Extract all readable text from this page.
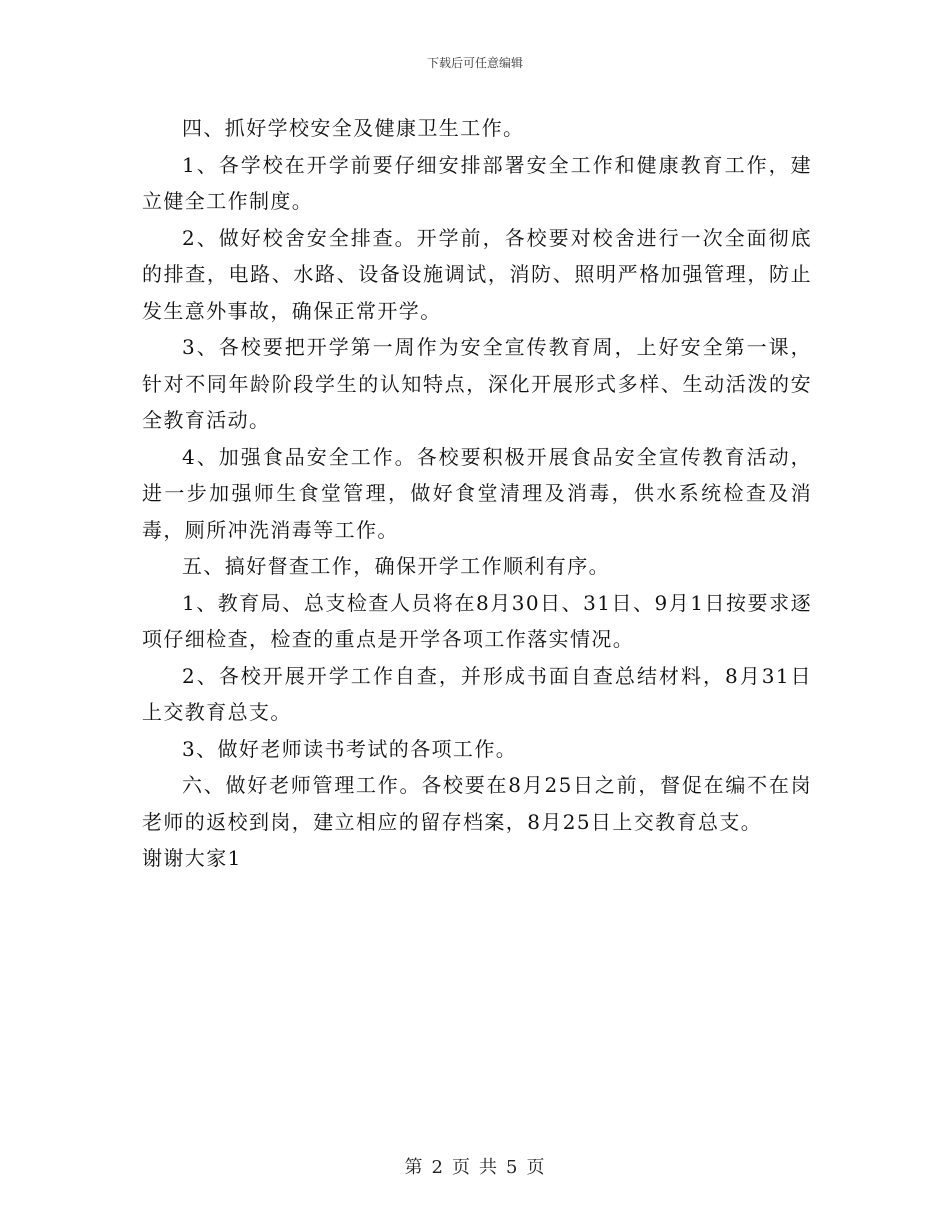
下载后可任意编辑

四、抓好学校安全及健康卫生工作。

1、各学校在开学前要仔细安排部署安全工作和健康教育工作，建立健全工作制度。

2、做好校舍安全排查。开学前，各校要对校舍进行一次全面彻底的排查，电路、水路、设备设施调试，消防、照明严格加强管理，防止发生意外事故，确保正常开学。

3、各校要把开学第一周作为安全宣传教育周，上好安全第一课，针对不同年龄阶段学生的认知特点，深化开展形式多样、生动活泼的安全教育活动。

4、加强食品安全工作。各校要积极开展食品安全宣传教育活动，进一步加强师生食堂管理，做好食堂清理及消毒，供水系统检查及消毒，厕所冲洗消毒等工作。

五、搞好督查工作，确保开学工作顺利有序。

1、教育局、总支检查人员将在8月30日、31日、9月1日按要求逐项仔细检查，检查的重点是开学各项工作落实情况。

2、各校开展开学工作自查，并形成书面自查总结材料，8月31日上交教育总支。

3、做好老师读书考试的各项工作。

六、做好老师管理工作。各校要在8月25日之前，督促在编不在岗老师的返校到岗，建立相应的留存档案，8月25日上交教育总支。

谢谢大家1

第 2 页 共 5 页
